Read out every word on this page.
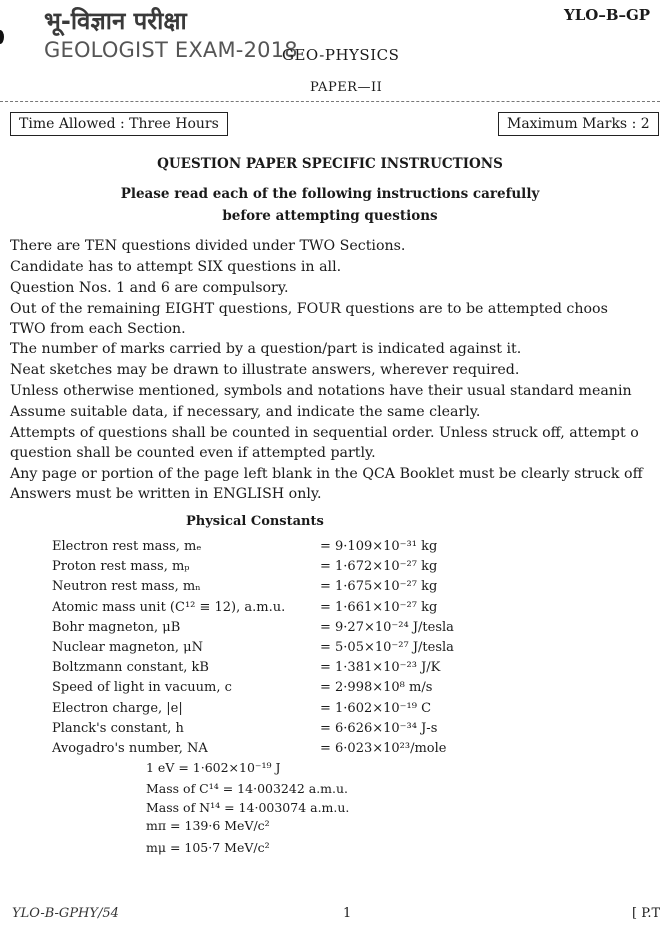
भू-विज्ञान परीक्षा
GEOLOGIST EXAM-2018
GEO-PHYSICS
PAPER—II
YLO–B–GP
Time Allowed : Three Hours	Maximum Marks : 2
QUESTION PAPER SPECIFIC INSTRUCTIONS
Please read each of the following instructions carefully
before attempting questions
There are TEN questions divided under TWO Sections.
Candidate has to attempt SIX questions in all.
Question Nos. 1 and 6 are compulsory.
Out of the remaining EIGHT questions, FOUR questions are to be attempted choos
TWO from each Section.
The number of marks carried by a question/part is indicated against it.
Neat sketches may be drawn to illustrate answers, wherever required.
Unless otherwise mentioned, symbols and notations have their usual standard meanin
Assume suitable data, if necessary, and indicate the same clearly.
Attempts of questions shall be counted in sequential order. Unless struck off, attempt o
question shall be counted even if attempted partly.
Any page or portion of the page left blank in the QCA Booklet must be clearly struck off
Answers must be written in ENGLISH only.
Physical Constants
Electron rest mass, mₑ	= 9·109×10⁻³¹ kg
Proton rest mass, mₚ	= 1·672×10⁻²⁷ kg
Neutron rest mass, mₙ	= 1·675×10⁻²⁷ kg
Atomic mass unit (C¹² ≡ 12), a.m.u.	= 1·661×10⁻²⁷ kg
Bohr magneton, μB	= 9·27×10⁻²⁴ J/tesla
Nuclear magneton, μN	= 5·05×10⁻²⁷ J/tesla
Boltzmann constant, kB	= 1·381×10⁻²³ J/K
Speed of light in vacuum, c	= 2·998×10⁸ m/s
Electron charge, |e|	= 1·602×10⁻¹⁹ C
Planck's constant, h	= 6·626×10⁻³⁴ J-s
Avogadro's number, NA	= 6·023×10²³/mole
1 eV = 1·602×10⁻¹⁹ J
Mass of C¹⁴ = 14·003242 a.m.u.
Mass of N¹⁴ = 14·003074 a.m.u.
mπ = 139·6 MeV/c²
mμ = 105·7 MeV/c²
YLO-B-GPHY/54	1	[ P.T
